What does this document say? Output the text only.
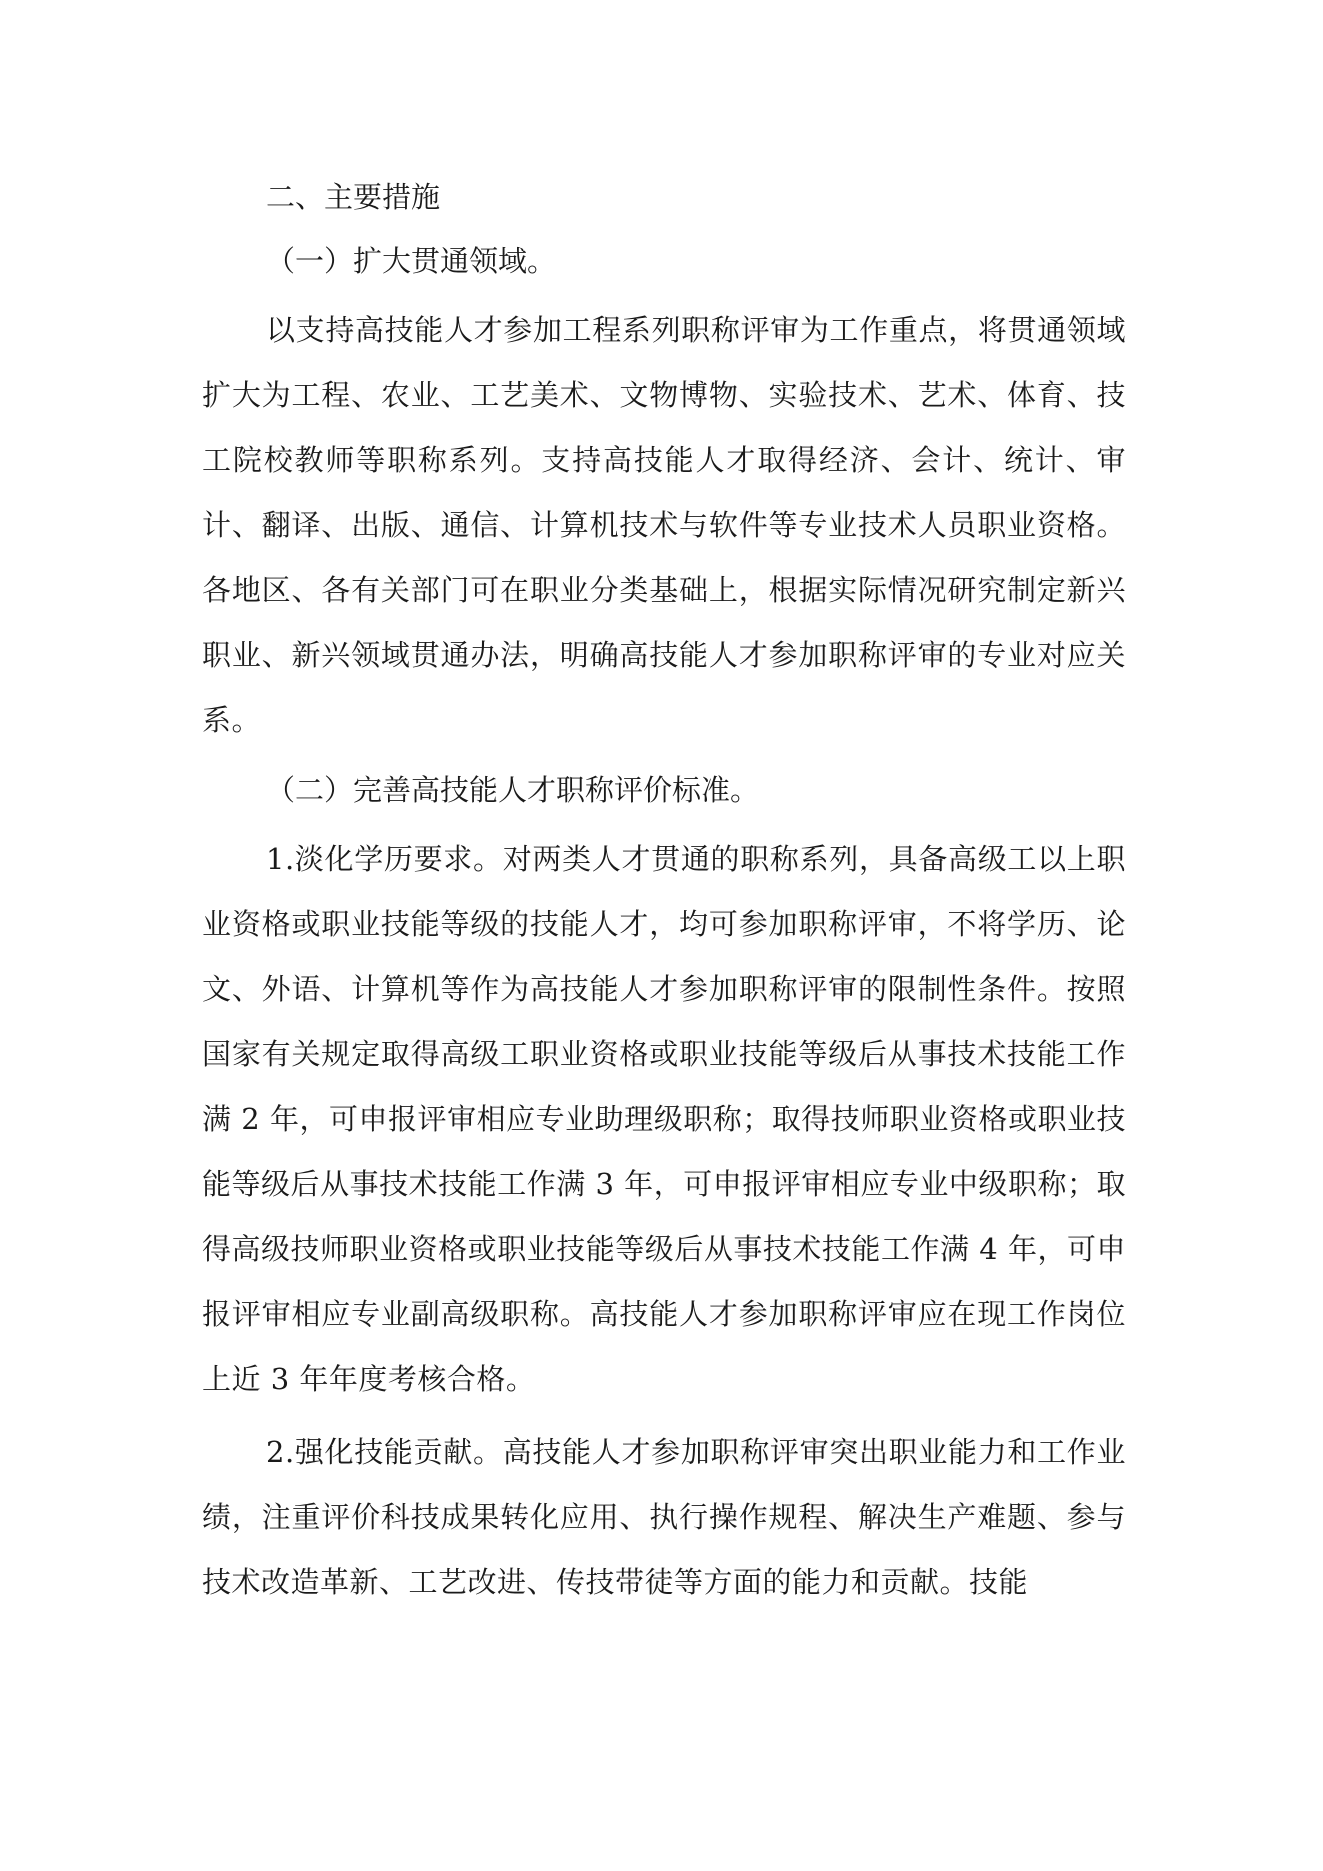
二、主要措施

（一）扩大贯通领域。

以支持高技能人才参加工程系列职称评审为工作重点，将贯通领域扩大为工程、农业、工艺美术、文物博物、实验技术、艺术、体育、技工院校教师等职称系列。支持高技能人才取得经济、会计、统计、审计、翻译、出版、通信、计算机技术与软件等专业技术人员职业资格。各地区、各有关部门可在职业分类基础上，根据实际情况研究制定新兴职业、新兴领域贯通办法，明确高技能人才参加职称评审的专业对应关系。

（二）完善高技能人才职称评价标准。

1.淡化学历要求。对两类人才贯通的职称系列，具备高级工以上职业资格或职业技能等级的技能人才，均可参加职称评审，不将学历、论文、外语、计算机等作为高技能人才参加职称评审的限制性条件。按照国家有关规定取得高级工职业资格或职业技能等级后从事技术技能工作满 2 年，可申报评审相应专业助理级职称；取得技师职业资格或职业技能等级后从事技术技能工作满 3 年，可申报评审相应专业中级职称；取得高级技师职业资格或职业技能等级后从事技术技能工作满 4 年，可申报评审相应专业副高级职称。高技能人才参加职称评审应在现工作岗位上近 3 年年度考核合格。

2.强化技能贡献。高技能人才参加职称评审突出职业能力和工作业绩，注重评价科技成果转化应用、执行操作规程、解决生产难题、参与技术改造革新、工艺改进、传技带徒等方面的能力和贡献。技能
